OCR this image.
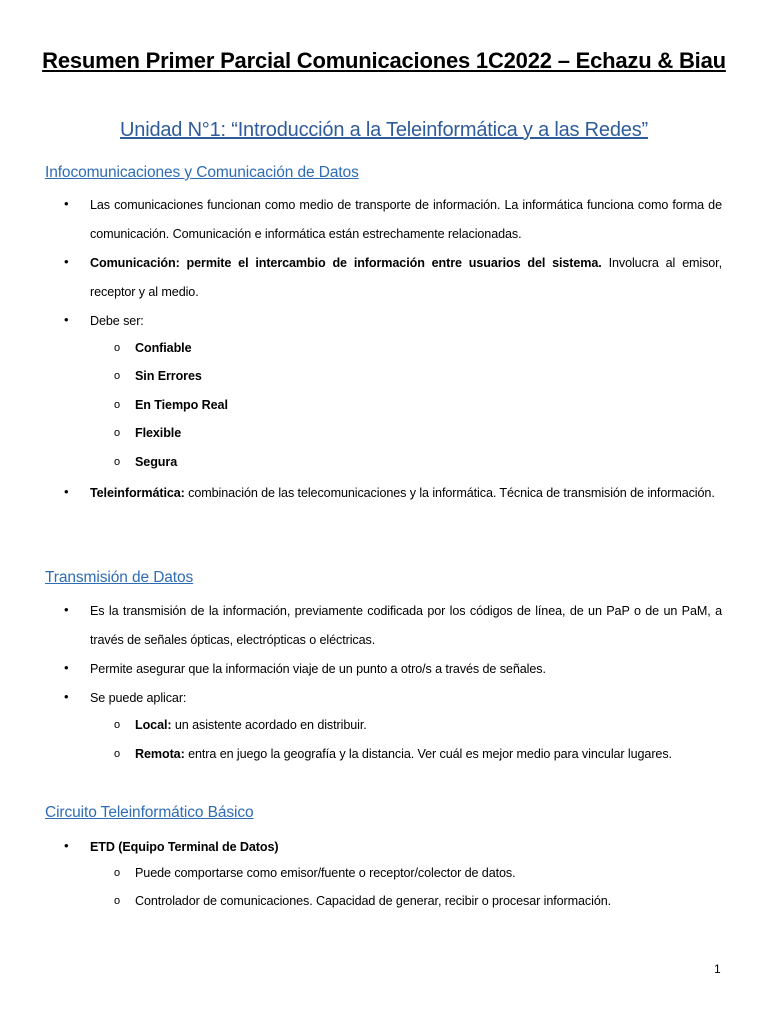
Resumen Primer Parcial Comunicaciones 1C2022 – Echazu & Biau
Unidad N°1: “Introducción a la Teleinformática y a las Redes”
Infocomunicaciones y Comunicación de Datos
• Las comunicaciones funcionan como medio de transporte de información. La informática funciona como forma de comunicación. Comunicación e informática están estrechamente relacionadas.
• Comunicación: permite el intercambio de información entre usuarios del sistema. Involucra al emisor, receptor y al medio.
• Debe ser:
o Confiable
o Sin Errores
o En Tiempo Real
o Flexible
o Segura
• Teleinformática: combinación de las telecomunicaciones y la informática. Técnica de transmisión de información.
Transmisión de Datos
• Es la transmisión de la información, previamente codificada por los códigos de línea, de un PaP o de un PaM, a través de señales ópticas, electrópticas o eléctricas.
• Permite asegurar que la información viaje de un punto a otro/s a través de señales.
• Se puede aplicar:
o Local: un asistente acordado en distribuir.
o Remota: entra en juego la geografía y la distancia. Ver cuál es mejor medio para vincular lugares.
Circuito Teleinformático Básico
• ETD (Equipo Terminal de Datos)
o Puede comportarse como emisor/fuente o receptor/colector de datos.
o Controlador de comunicaciones. Capacidad de generar, recibir o procesar información.
1
